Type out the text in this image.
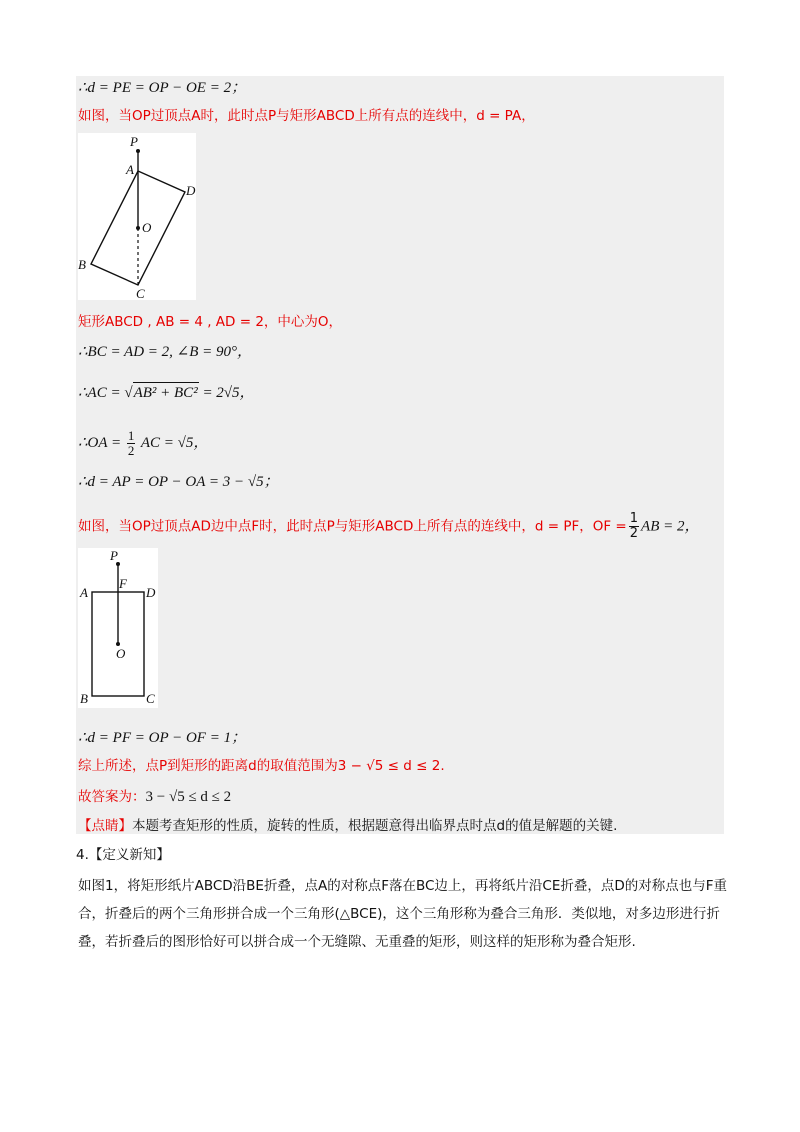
∴d = PE = OP − OE = 2；
如图，当OP过顶点A时，此时点P与矩形ABCD上所有点的连线中，d = PA，
P
A
D
O
B
C
矩形ABCD , AB = 4 , AD = 2，中心为O，
∴BC = AD = 2, ∠B = 90°，
∴AC = √AB² + BC² = 2√5，
∴OA = $\frac{1}{2}$ AC = √5，
∴d = AP = OP − OA = 3 − √5；
如图，当OP过顶点AD边中点F时，此时点P与矩形ABCD上所有点的连线中，d = PF，OF = $\frac{1}{2}$ AB = 2，
P
F
A	D
O
B	C
∴d = PF = OP − OF = 1；
综上所述，点P到矩形的距离d的取值范围为3 − √5 ≤ d ≤ 2.
故答案为：3 − √5 ≤ d ≤ 2
【点睛】本题考查矩形的性质，旋转的性质，根据题意得出临界点时点d的值是解题的关键.
4.【定义新知】
如图1，将矩形纸片ABCD沿BE折叠，点A的对称点F落在BC边上，再将纸片沿CE折叠，点D的对称点也与F重合，折叠后的两个三角形拼合成一个三角形(△BCE)，这个三角形称为叠合三角形．类似地，对多边形进行折叠，若折叠后的图形恰好可以拼合成一个无缝隙、无重叠的矩形，则这样的矩形称为叠合矩形.
